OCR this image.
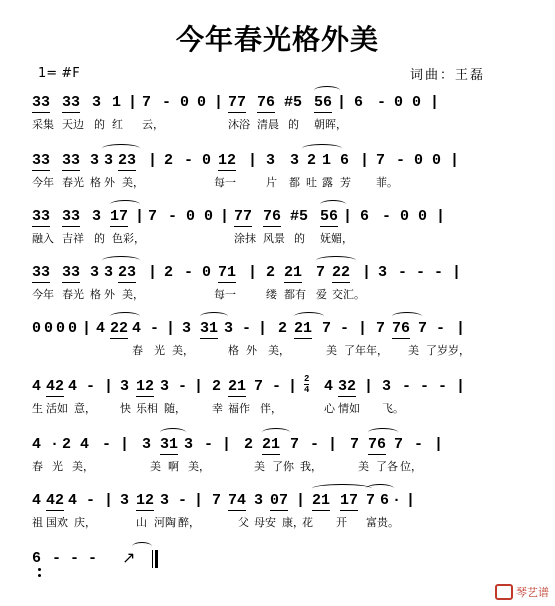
今年春光格外美
1= #F	词曲：王磊
33 33 3 1 | 7 - 0 0 | 77 76 #5 56 | 6 - 0 0 |
采集 天边 的 红 云，	沐浴 清晨 的 朝晖，
33 33 3 3 23 | 2 - 0 12 | 3 3 2 1 6 | 7 - 0 0 |
今年 春光 格 外 美，	每一	片 都 吐 露 芳 菲。
33 33 3 17 | 7 - 0 0 | 77 76 #5 56 | 6 - 0 0 |
融入 吉祥 的 色彩，	涂抹 风景 的 妩媚，
33 33 3 3 23 | 2 - 0 71 | 2 21 7 22 | 3 - - - |
今年 春光 格 外 美，	每一	缕 都有 爱 交汇。
0 0 0 0 | 4 22 4 - | 3 31 3 - | 2 21 7 - | 7 76 7 - |
春 光 美，	格 外 美，	美 了年年， 美 了岁岁，
4 42 4 - | 3 12 3 - | 2 21 7 - | 4 32 | 3 - - - |
2
4
生 活如 意， 快 乐相 随， 幸 福作 伴，	心 情如 飞。
4 · 2 4 - | 3 31 3 - | 2 21 7 - | 7 76 7 - |
春 光 美，	美 啊 美，	美 了你 我，	美 了各 位，
4 42 4 - | 3 12 3 - | 7 74 3 07 | 21 17 7 6 · |
祖 国欢 庆，	山 河陶 醉，	父 母安 康，
花 开 富贵。
6 - - - ↗
琴艺谱
